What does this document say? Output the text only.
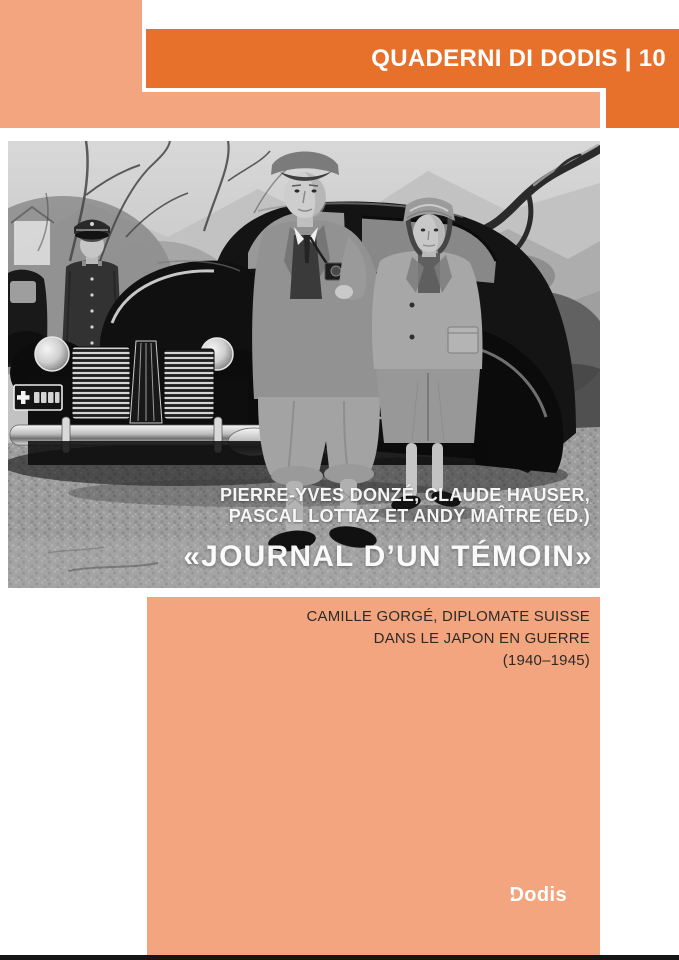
QUADERNI DI DODIS | 10
PIERRE-YVES DONZÉ, CLAUDE HAUSER,
PASCAL LOTTAZ ET ANDY MAÎTRE (ÉD.)
«JOURNAL D’UN TÉMOIN»
CAMILLE GORGÉ, DIPLOMATE SUISSE
DANS LE JAPON EN GUERRE
(1940–1945)
Dodis
